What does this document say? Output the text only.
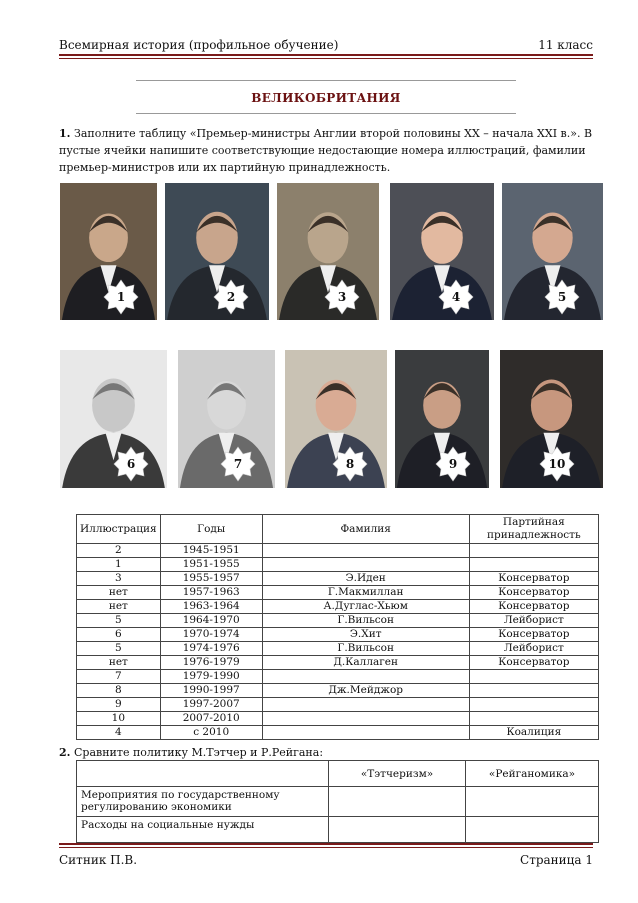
Всемирная история (профильное обучение)	11 класс
ВЕЛИКОБРИТАНИЯ
1. Заполните таблицу «Премьер-министры Англии второй половины ХХ – начала ХХI в.». В пустые ячейки напишите соответствующие недостающие номера иллюстраций, фамилии премьер-министров или их партийную принадлежность.
1	2	3	4	5
6	7	8	9	10
Иллюстрация	Годы	Фамилия	Партийная
принадлежность
2	1945-1951		
1	1951-1955		
3	1955-1957	Э.Иден	Консерватор
нет	1957-1963	Г.Макмиллан	Консерватор
нет	1963-1964	А.Дуглас-Хьюм	Консерватор
5	1964-1970	Г.Вильсон	Лейборист
6	1970-1974	Э.Хит	Консерватор
5	1974-1976	Г.Вильсон	Лейборист
нет	1976-1979	Д.Каллаген	Консерватор
7	1979-1990		
8	1990-1997	Дж.Мейджор	
9	1997-2007		
10	2007-2010		
4	с 2010		Коалиция
2. Сравните политику М.Тэтчер и Р.Рейгана:
	«Тэтчеризм»	«Рейганомика»
Мероприятия по государственному регулированию экономики		
Расходы на социальные нужды		
Ситник П.В.	Страница 1
